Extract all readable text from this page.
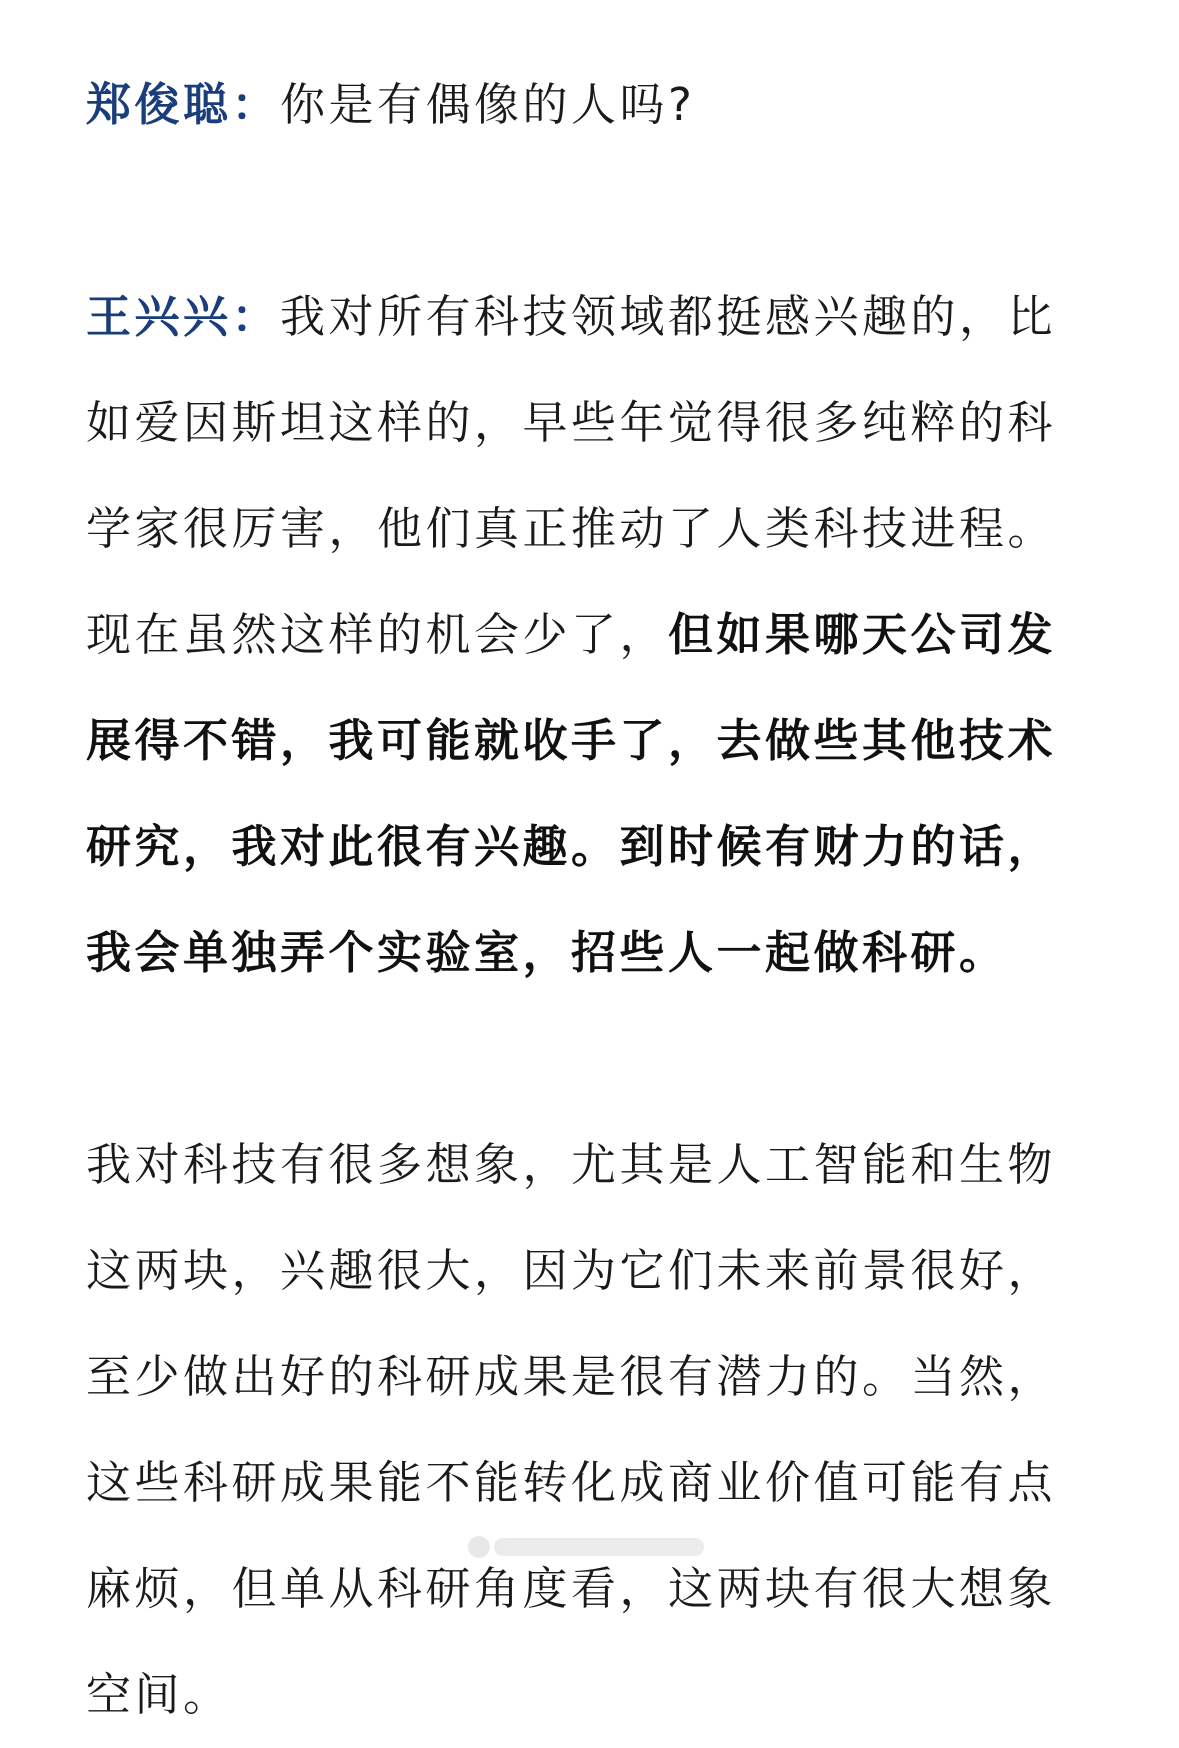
郑俊聪：你是有偶像的人吗?

王兴兴：我对所有科技领域都挺感兴趣的，比如爱因斯坦这样的，早些年觉得很多纯粹的科学家很厉害，他们真正推动了人类科技进程。现在虽然这样的机会少了，但如果哪天公司发展得不错，我可能就收手了，去做些其他技术研究，我对此很有兴趣。到时候有财力的话，我会单独弄个实验室，招些人一起做科研。

我对科技有很多想象，尤其是人工智能和生物这两块，兴趣很大，因为它们未来前景很好，至少做出好的科研成果是很有潜力的。当然，这些科研成果能不能转化成商业价值可能有点麻烦，但单从科研角度看，这两块有很大想象空间。
